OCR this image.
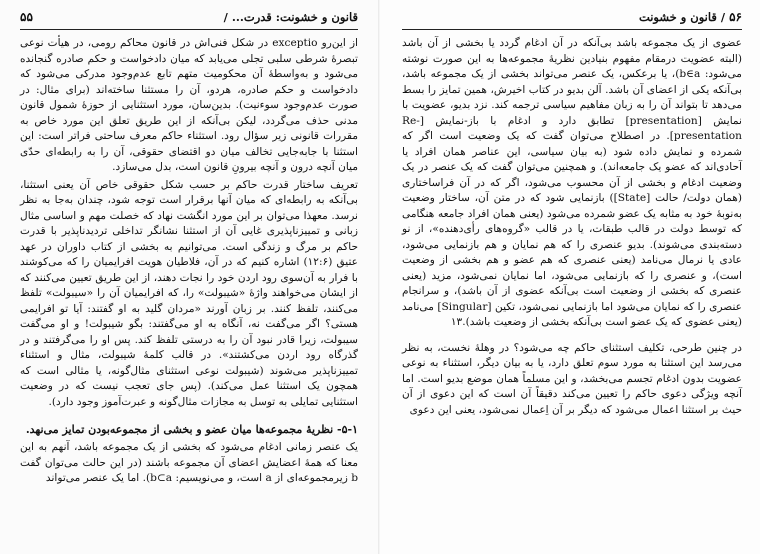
قانون و خشونت: قدرت... /
۵۵

از این‌رو exceptio در شکل فنی‌اش در قانون محاکم رومی، در هیأت نوعی تبصرهٔ شرطی سلبی تجلی می‌یابد که میان دادخواست و حکم صادره گنجانده می‌شود و به‌واسطهٔ آن محکومیت متهم تابع عدم‌وجود مدرکی می‌شود که دادخواست و حکم صادره، هردو، آن را مستثنا ساخته‌اند (برای مثال: در صورت عدم‌وجود سوءنیت). بدین‌سان، مورد استثنایی از حوزهٔ شمول قانون مدنی حذف می‌گردد، لیکن بی‌آنکه از این طریق تعلق این مورد خاص به مقررات قانونی زیر سؤال رود. استثناء حاکم معرف ساحتی فراتر است: این استثنا با جابه‌جایی تخالف میان دو اقتضای حقوقی، آن را به رابطه‌ای حدّی میان آنچه درون و آنچه بیرونِ قانون است، بدل می‌سازد.

تعریف ساختار قدرت حاکم بر حسب شکل حقوقی خاص آن یعنی استثنا، بی‌آنکه به رابطه‌ای که میان آنها برقرار است توجه شود، چندان به‌جا به نظر نرسد. معهذا می‌توان بر این مورد انگشت نهاد که خصلت مهم و اساسی مثال زبانی و تمییزناپذیری غایی آن از استثنا نشانگر تداخلی تردیدناپذیر با قدرت حاکم بر مرگ و زندگی است. می‌توانیم به بخشی از کتاب داوران در عهد عتیق (۱۲:۶) اشاره کنیم که در آن، فلاطیان هویت افرایمیان را که می‌کوشند با فرار به آن‌سوی رود اردن خود را نجات دهند، از این طریق تعیین می‌کنند که از ایشان می‌خواهند واژهٔ «شیبولت» را، که افرایمیان آن را «سیبولت» تلفظ می‌کنند، تلفظ کنند. بر زبان آورند «مردان گلید به او گفتند: آیا تو افرایمی هستی؟ اگر می‌گفت نه، آنگاه به او می‌گفتند: بگو شیبولت! و او می‌گفت سیبولت، زیرا قادر نبود آن را به درستی تلفظ کند. پس او را می‌گرفتند و در گذرگاه رود اردن می‌کشتند». در قالب کلمهٔ شیبولت، مثال و استثناء تمییزناپذیر می‌شوند (شیبولت نوعی استثنای مثال‌گونه، یا مثالی است که همچون یک استثنا عمل می‌کند). (پس جای تعجب نیست که در وضعیت استثنایی تمایلی به توسل به مجازات مثال‌گونه و عبرت‌آموز وجود دارد).

۵-۱- نظریهٔ مجموعه‌ها میان عضو و بخشی از مجموعه‌بودن تمایز می‌نهد.

یک عنصر زمانی ادغام می‌شود که بخشی از یک مجموعه باشد، آنهم به این معنا که همهٔ اعضایش اعضای آن مجموعه باشند (در این حالت می‌توان گفت b زیرمجموعه‌ای از a است، و می‌نویسیم: b⊂a). اما یک عنصر می‌تواند

۵۶ / قانون و خشونت

عضوی از یک مجموعه باشد بی‌آنکه در آن ادغام گردد یا بخشی از آن باشد (البته عضویت درمقام مفهوم بنیادین نظریهٔ مجموعه‌ها به این صورت نوشته می‌شود: b∈a)، یا برعکس، یک عنصر می‌تواند بخشی از یک مجموعه باشد، بی‌آنکه یکی از اعضای آن باشد. آلن بدیو در کتاب اخیرش، همین تمایز را بسط می‌دهد تا بتواند آن را به زبان مفاهیم سیاسی ترجمه کند. نزد بدیو، عضویت با نمایش [presentation] تطابق دارد و ادغام با باز-نمایش [Re-presentation]. در اصطلاح می‌توان گفت که یک وضعیت است اگر که شمرده و نمایش داده شود (به بیان سیاسی، این عناصر همان افراد یا آحادی‌اند که عضو یک جامعه‌اند). و همچنین می‌توان گفت که یک عنصر در یک وضعیت ادغام و بخشی از آن محسوب می‌شود، اگر که در آن فراساختاری (همان دولت/ حالت [State]) بازنمایی شود که در متن آن، ساختار وضعیت به‌نوبهٔ خود به مثابه یک عضو شمرده می‌شود (یعنی همان افراد جامعه هنگامی که توسط دولت در قالب طبقات، یا در قالب «گروه‌های رأی‌دهنده»، از نو دسته‌بندی می‌شوند). بدیو عنصری را که هم نمایان و هم بازنمایی می‌شود، عادی یا نرمال می‌نامد (یعنی عنصری که هم عضو و هم بخشی از وضعیت است)، و عنصری را که بازنمایی می‌شود، اما نمایان نمی‌شود، مزید (یعنی عنصری که بخشی از وضعیت است بی‌آنکه عضوی از آن باشد)، و سرانجام عنصری را که نمایان می‌شود اما بازنمایی نمی‌شود، تکین [Singular] می‌نامد (یعنی عضوی که یک عضو است بی‌آنکه بخشی از وضعیت باشد).۱۳

در چنین طرحی، تکلیف استثنای حاکم چه می‌شود؟ در وهلهٔ نخست، به نظر می‌رسد این استثنا به مورد سوم تعلق دارد، یا به بیان دیگر، استثناء به نوعی عضویت بدون ادغام تجسم می‌بخشد، و این مسلماً همان موضع بدیو است. اما آنچه ویژگی دعوی حاکم را تعیین می‌کند دقیقاً آن است که این دعوی از آن حیث بر استثنا اعمال می‌شود که دیگر بر آن اِعمال نمی‌شود، یعنی این دعوی
